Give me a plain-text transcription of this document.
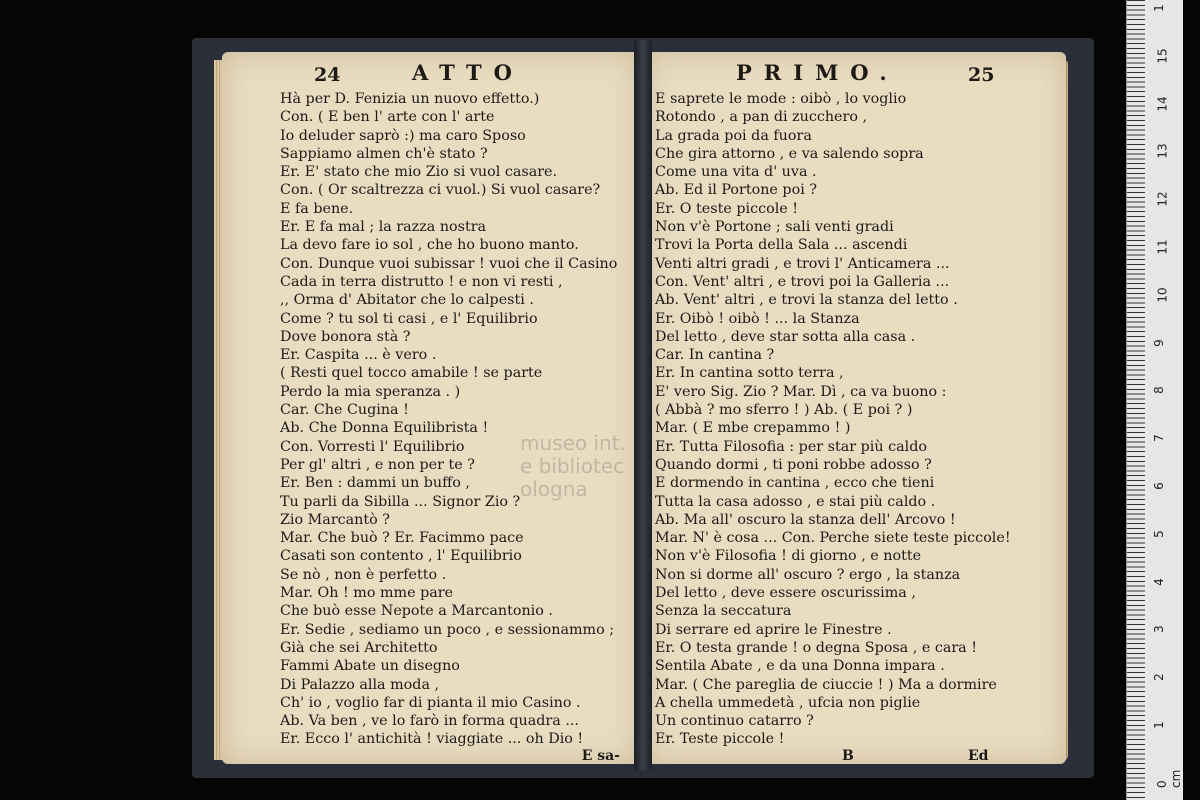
24	ATTO
Hà per D. Fenizia un nuovo effetto.)
Con. ( E ben l' arte con l' arte
Io deluder saprò :) ma caro Sposo
Sappiamo almen ch'è stato ?
Er. E' stato che mio Zio si vuol casare.
Con. ( Or scaltrezza ci vuol.) Si vuol casare?
E fa bene.
Er. E fa mal ; la razza nostra
La devo fare io sol , che ho buono manto.
Con. Dunque vuoi subissar ! vuoi che il Casino
Cada in terra distrutto ! e non vi resti ,
,, Orma d' Abitator che lo calpesti .
Come ? tu sol ti casi , e l' Equilibrio
Dove bonora stà ?
Er. Caspita ... è vero .
( Resti quel tocco amabile ! se parte
Perdo la mia speranza . )
Car. Che Cugina !
Ab. Che Donna Equilibrista !
Con. Vorresti l' Equilibrio
Per gl' altri , e non per te ?
Er. Ben : dammi un buffo ,
Tu parli da Sibilla ... Signor Zio ?
Zio Marcantò ?
Mar. Che buò ? Er. Facimmo pace
Casati son contento , l' Equilibrio
Se nò , non è perfetto .
Mar. Oh ! mo mme pare
Che buò esse Nepote a Marcantonio .
Er. Sedie , sediamo un poco , e sessionammo ;
Già che sei Architetto
Fammi Abate un disegno
Di Palazzo alla moda ,
Ch' io , voglio far di pianta il mio Casino .
Ab. Va ben , ve lo farò in forma quadra ...
Er. Ecco l' antichità ! viaggiate ... oh Dio !
E sa-
PRIMO.	25
E saprete le mode : oibò , lo voglio
Rotondo , a pan di zucchero ,
La grada poi da fuora
Che gira attorno , e va salendo sopra
Come una vita d' uva .
Ab. Ed il Portone poi ?
Er. O teste piccole !
Non v'è Portone ; sali venti gradi
Trovi la Porta della Sala ... ascendi
Venti altri gradi , e trovi l' Anticamera ...
Con. Vent' altri , e trovi poi la Galleria ...
Ab. Vent' altri , e trovi la stanza del letto .
Er. Oibò ! oibò ! ... la Stanza
Del letto , deve star sotta alla casa .
Car. In cantina ?
Er. In cantina sotto terra ,
E' vero Sig. Zio ? Mar. Dì , ca va buono :
( Abbà ? mo sferro ! ) Ab. ( E poi ? )
Mar. ( E mbe crepammo ! )
Er. Tutta Filosofia : per star più caldo
Quando dormi , ti poni robbe adosso ?
E dormendo in cantina , ecco che tieni
Tutta la casa adosso , e stai più caldo .
Ab. Ma all' oscuro la stanza dell' Arcovo !
Mar. N' è cosa ... Con. Perche siete teste piccole!
Non v'è Filosofia ! di giorno , e notte
Non si dorme all' oscuro ? ergo , la stanza
Del letto , deve essere oscurissima ,
Senza la seccatura
Di serrare ed aprire le Finestre .
Er. O testa grande ! o degna Sposa , e cara !
Sentila Abate , e da una Donna impara .
Mar. ( Che pareglia de ciuccie ! ) Ma a dormire
A chella ummedetà , ufcia non piglie
Un continuo catarro ?
Er. Teste piccole !
B	Ed
museo int.
e bibliotec
ologna
0 cm
1
2
3
4
5
6
7
8
9
10
11
12
13
14
15
1
